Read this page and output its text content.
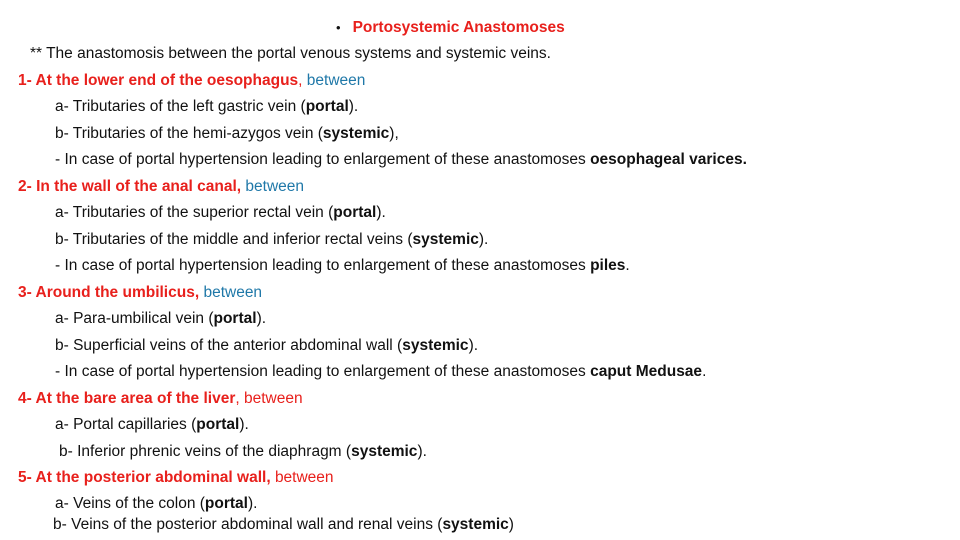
• Portosystemic Anastomoses
** The anastomosis between the portal venous systems and systemic veins.
1- At the lower end of the oesophagus, between
a- Tributaries of the left gastric vein (portal).
b- Tributaries of the hemi-azygos vein (systemic),
- In case of portal hypertension leading to enlargement of these anastomoses oesophageal varices.
2- In the wall of the anal canal, between
a- Tributaries of the superior rectal vein (portal).
b- Tributaries of the middle and inferior rectal veins (systemic).
- In case of portal hypertension leading to enlargement of these anastomoses piles.
3- Around the umbilicus, between
a- Para-umbilical vein (portal).
b- Superficial veins of the anterior abdominal wall (systemic).
- In case of portal hypertension leading to enlargement of these anastomoses caput Medusae.
4- At the bare area of the liver, between
a- Portal capillaries (portal).
b- Inferior phrenic veins of the diaphragm (systemic).
5- At the posterior abdominal wall, between
a- Veins of the colon (portal).
b- Veins of the posterior abdominal wall and renal veins (systemic)
